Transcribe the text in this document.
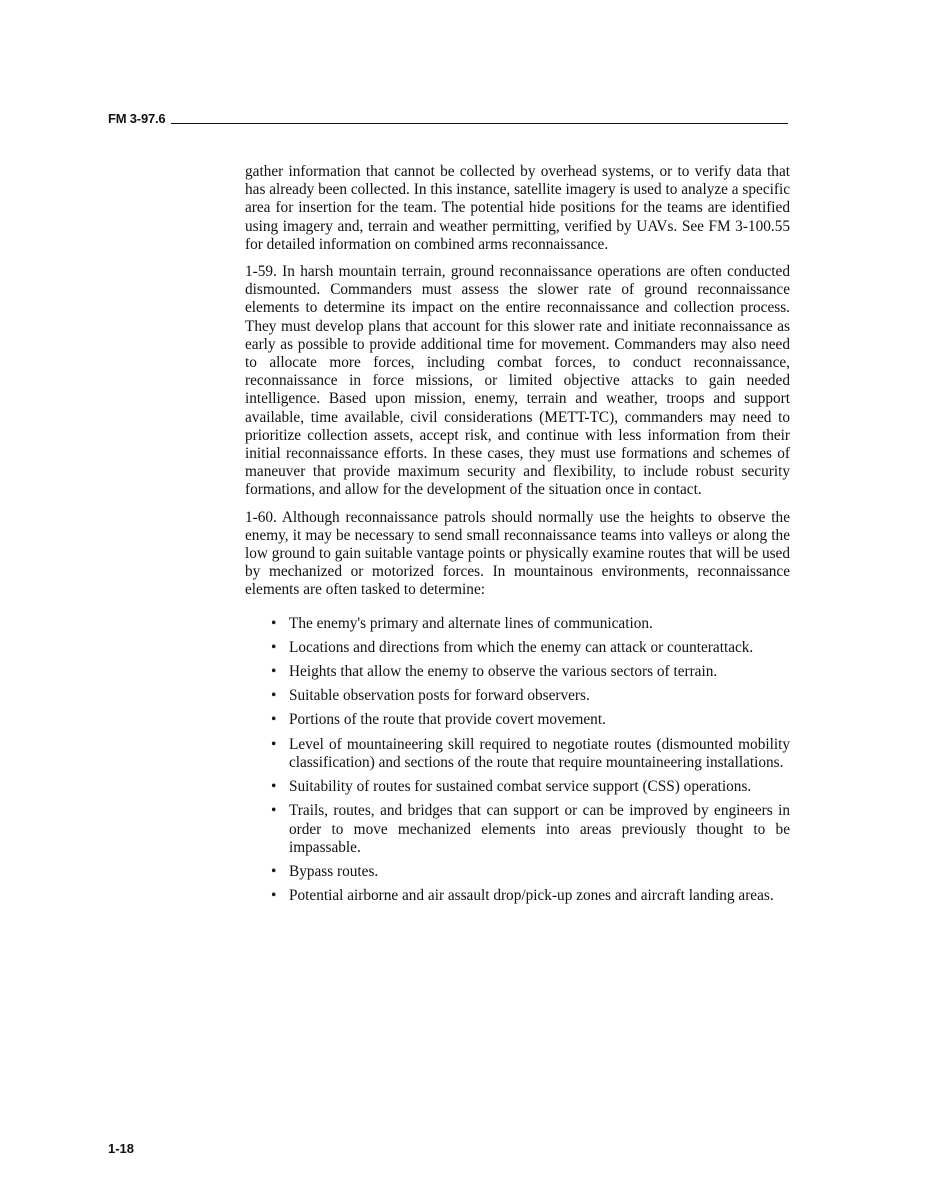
FM 3-97.6

gather information that cannot be collected by overhead systems, or to verify data that has already been collected. In this instance, satellite imagery is used to analyze a specific area for insertion for the team. The potential hide positions for the teams are identified using imagery and, terrain and weather permitting, verified by UAVs. See FM 3-100.55 for detailed information on combined arms reconnaissance.

1-59. In harsh mountain terrain, ground reconnaissance operations are often conducted dismounted. Commanders must assess the slower rate of ground reconnaissance elements to determine its impact on the entire reconnaissance and collection process. They must develop plans that account for this slower rate and initiate reconnaissance as early as possible to provide additional time for movement. Commanders may also need to allocate more forces, including combat forces, to conduct reconnaissance, reconnaissance in force missions, or limited objective attacks to gain needed intelligence. Based upon mission, enemy, terrain and weather, troops and support available, time available, civil considerations (METT-TC), commanders may need to prioritize collection assets, accept risk, and continue with less information from their initial reconnaissance efforts. In these cases, they must use formations and schemes of maneuver that provide maximum security and flexibility, to include robust security formations, and allow for the development of the situation once in contact.

1-60. Although reconnaissance patrols should normally use the heights to observe the enemy, it may be necessary to send small reconnaissance teams into valleys or along the low ground to gain suitable vantage points or physically examine routes that will be used by mechanized or motorized forces. In mountainous environments, reconnaissance elements are often tasked to determine:

• The enemy's primary and alternate lines of communication.
• Locations and directions from which the enemy can attack or counterattack.
• Heights that allow the enemy to observe the various sectors of terrain.
• Suitable observation posts for forward observers.
• Portions of the route that provide covert movement.
• Level of mountaineering skill required to negotiate routes (dismounted mobility classification) and sections of the route that require mountaineering installations.
• Suitability of routes for sustained combat service support (CSS) operations.
• Trails, routes, and bridges that can support or can be improved by engineers in order to move mechanized elements into areas previously thought to be impassable.
• Bypass routes.
• Potential airborne and air assault drop/pick-up zones and aircraft landing areas.
1-18
